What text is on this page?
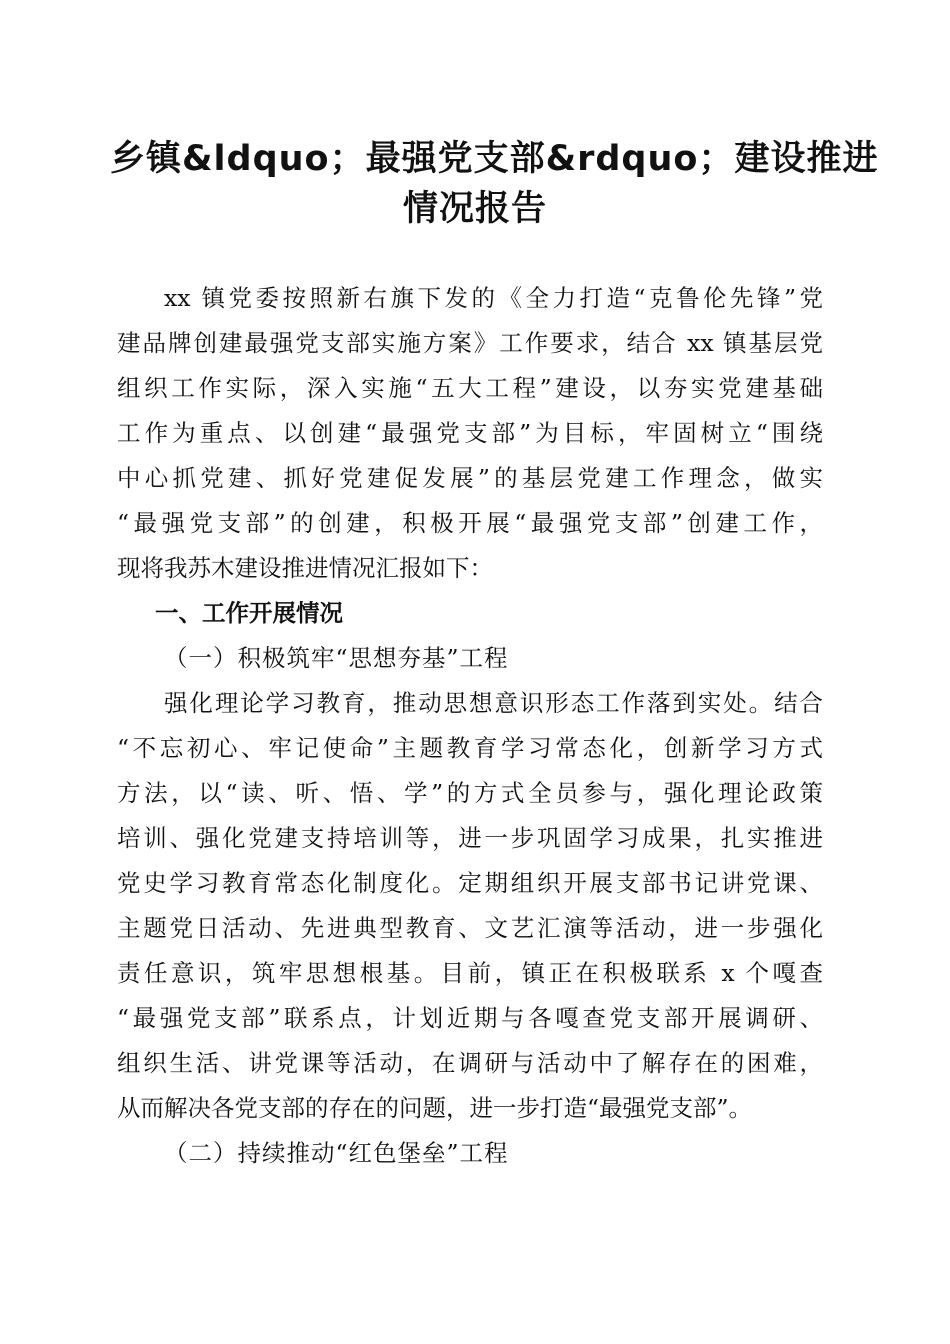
乡镇&ldquo；最强党支部&rdquo；建设推进
情况报告
xx 镇党委按照新右旗下发的《全力打造“克鲁伦先锋”党
建品牌创建最强党支部实施方案》工作要求，结合 xx 镇基层党
组织工作实际，深入实施“五大工程”建设，以夯实党建基础
工作为重点、以创建“最强党支部”为目标，牢固树立“围绕
中心抓党建、抓好党建促发展”的基层党建工作理念，做实
“最强党支部”的创建，积极开展“最强党支部”创建工作，
现将我苏木建设推进情况汇报如下：
一、工作开展情况
（一）积极筑牢“思想夯基”工程
强化理论学习教育，推动思想意识形态工作落到实处。结合
“不忘初心、牢记使命”主题教育学习常态化，创新学习方式
方法，以“读、听、悟、学”的方式全员参与，强化理论政策
培训、强化党建支持培训等，进一步巩固学习成果，扎实推进
党史学习教育常态化制度化。定期组织开展支部书记讲党课、
主题党日活动、先进典型教育、文艺汇演等活动，进一步强化
责任意识，筑牢思想根基。目前，镇正在积极联系 x 个嘎查
“最强党支部”联系点，计划近期与各嘎查党支部开展调研、
组织生活、讲党课等活动，在调研与活动中了解存在的困难，
从而解决各党支部的存在的问题，进一步打造“最强党支部”。
（二）持续推动“红色堡垒”工程
